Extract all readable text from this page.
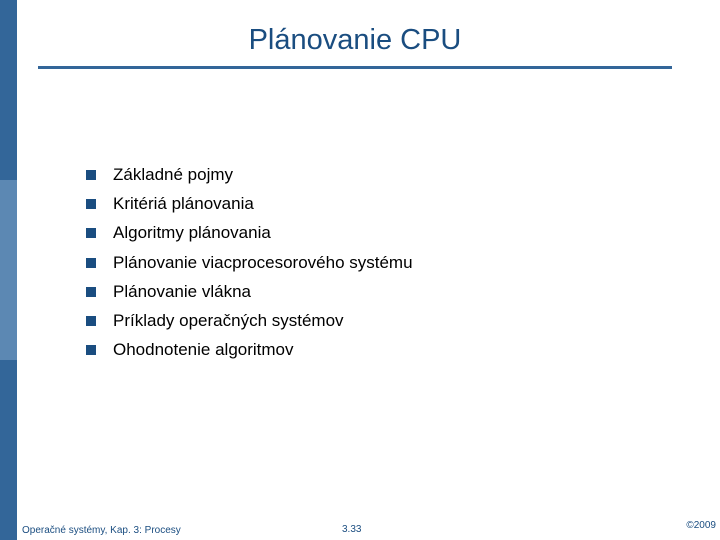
Plánovanie CPU
Základné pojmy
Kritériá plánovania
Algoritmy plánovania
Plánovanie viacprocesorového systému
Plánovanie vlákna
Príklady operačných systémov
Ohodnotenie algoritmov
Operačné systémy, Kap. 3: Procesy	3.33	©2009
